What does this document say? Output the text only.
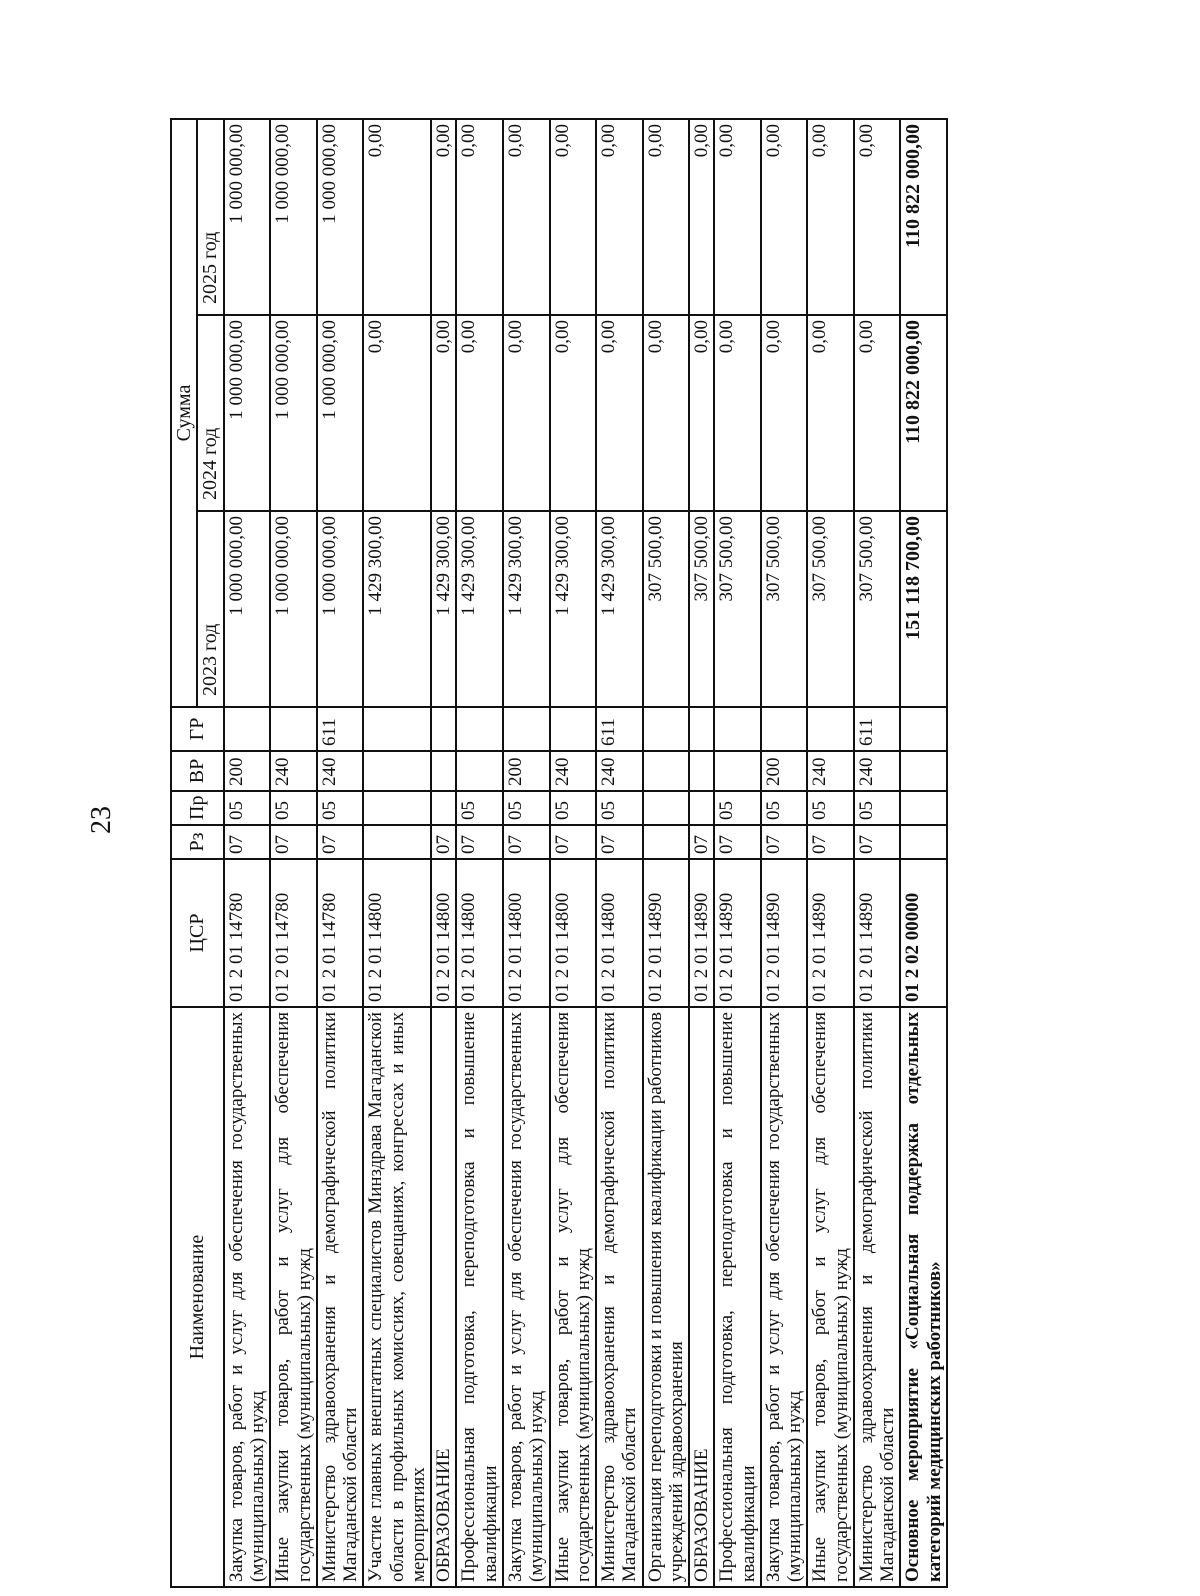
23
Наименование	ЦСР	Рз	Пр	ВР	ГР	Сумма		
						2023 год	2024 год	2025 год
Закупка товаров, работ и услуг для обеспечения государственных (муниципальных) нужд	01 2 01 14780	07	05	200		1 000 000,00	1 000 000,00	1 000 000,00
Иные закупки товаров, работ и услуг для обеспечения государственных (муниципальных) нужд	01 2 01 14780	07	05	240		1 000 000,00	1 000 000,00	1 000 000,00
Министерство здравоохранения и демографической политики Магаданской области	01 2 01 14780	07	05	240	611	1 000 000,00	1 000 000,00	1 000 000,00
Участие главных внештатных специалистов Минздрава Магаданской области в профильных комиссиях, совещаниях, конгрессах и иных мероприятиях	01 2 01 14800					1 429 300,00	0,00	0,00
ОБРАЗОВАНИЕ	01 2 01 14800	07				1 429 300,00	0,00	0,00
Профессиональная подготовка, переподготовка и повышение квалификации	01 2 01 14800	07	05			1 429 300,00	0,00	0,00
Закупка товаров, работ и услуг для обеспечения государственных (муниципальных) нужд	01 2 01 14800	07	05	200		1 429 300,00	0,00	0,00
Иные закупки товаров, работ и услуг для обеспечения государственных (муниципальных) нужд	01 2 01 14800	07	05	240		1 429 300,00	0,00	0,00
Министерство здравоохранения и демографической политики Магаданской области	01 2 01 14800	07	05	240	611	1 429 300,00	0,00	0,00
Организация переподготовки и повышения квалификации работников учреждений здравоохранения	01 2 01 14890					307 500,00	0,00	0,00
ОБРАЗОВАНИЕ	01 2 01 14890	07				307 500,00	0,00	0,00
Профессиональная подготовка, переподготовка и повышение квалификации	01 2 01 14890	07	05			307 500,00	0,00	0,00
Закупка товаров, работ и услуг для обеспечения государственных (муниципальных) нужд	01 2 01 14890	07	05	200		307 500,00	0,00	0,00
Иные закупки товаров, работ и услуг для обеспечения государственных (муниципальных) нужд	01 2 01 14890	07	05	240		307 500,00	0,00	0,00
Министерство здравоохранения и демографической политики Магаданской области	01 2 01 14890	07	05	240	611	307 500,00	0,00	0,00
Основное мероприятие «Социальная поддержка отдельных категорий медицинских работников»	01 2 02 00000					151 118 700,00	110 822 000,00	110 822 000,00
